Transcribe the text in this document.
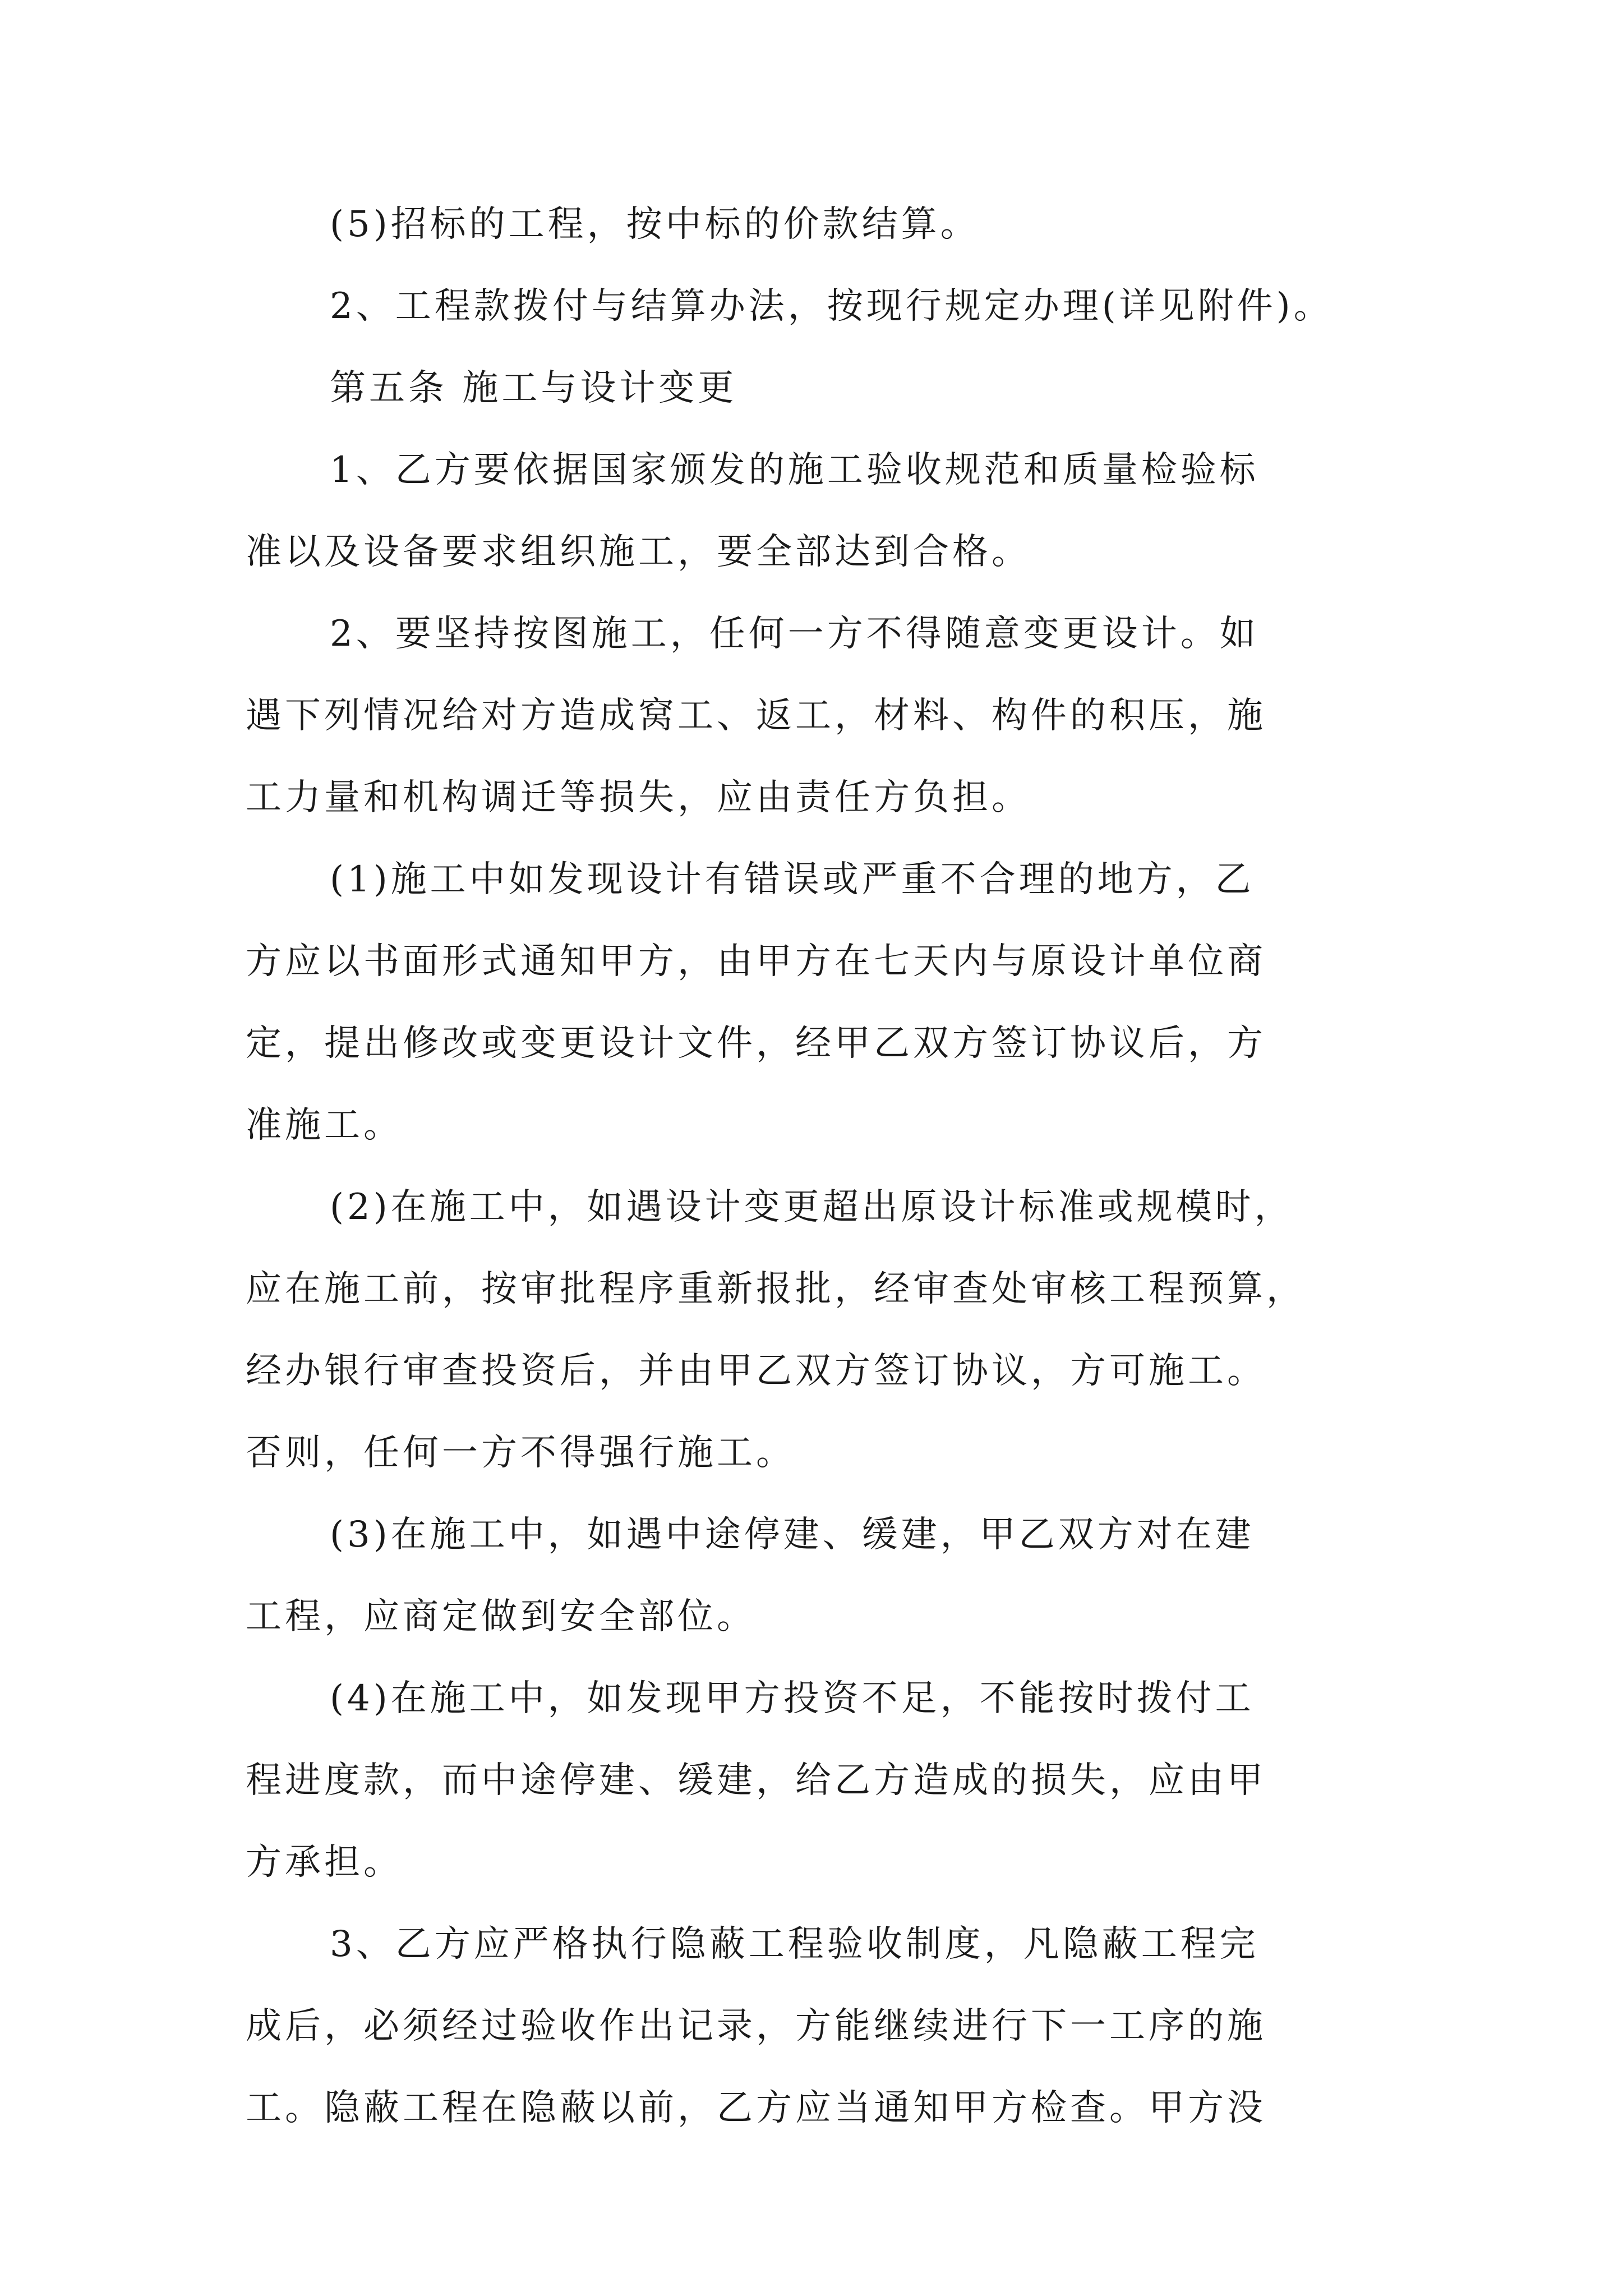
(5)招标的工程，按中标的价款结算。
2、工程款拨付与结算办法，按现行规定办理(详见附件)。
第五条 施工与设计变更
1、乙方要依据国家颁发的施工验收规范和质量检验标
准以及设备要求组织施工，要全部达到合格。
2、要坚持按图施工，任何一方不得随意变更设计。如
遇下列情况给对方造成窝工、返工，材料、构件的积压，施
工力量和机构调迁等损失，应由责任方负担。
(1)施工中如发现设计有错误或严重不合理的地方，乙
方应以书面形式通知甲方，由甲方在七天内与原设计单位商
定，提出修改或变更设计文件，经甲乙双方签订协议后，方
准施工。
(2)在施工中，如遇设计变更超出原设计标准或规模时，
应在施工前，按审批程序重新报批，经审查处审核工程预算，
经办银行审查投资后，并由甲乙双方签订协议，方可施工。
否则，任何一方不得强行施工。
(3)在施工中，如遇中途停建、缓建，甲乙双方对在建
工程，应商定做到安全部位。
(4)在施工中，如发现甲方投资不足，不能按时拨付工
程进度款，而中途停建、缓建，给乙方造成的损失，应由甲
方承担。
3、乙方应严格执行隐蔽工程验收制度，凡隐蔽工程完
成后，必须经过验收作出记录，方能继续进行下一工序的施
工。隐蔽工程在隐蔽以前，乙方应当通知甲方检查。甲方没
